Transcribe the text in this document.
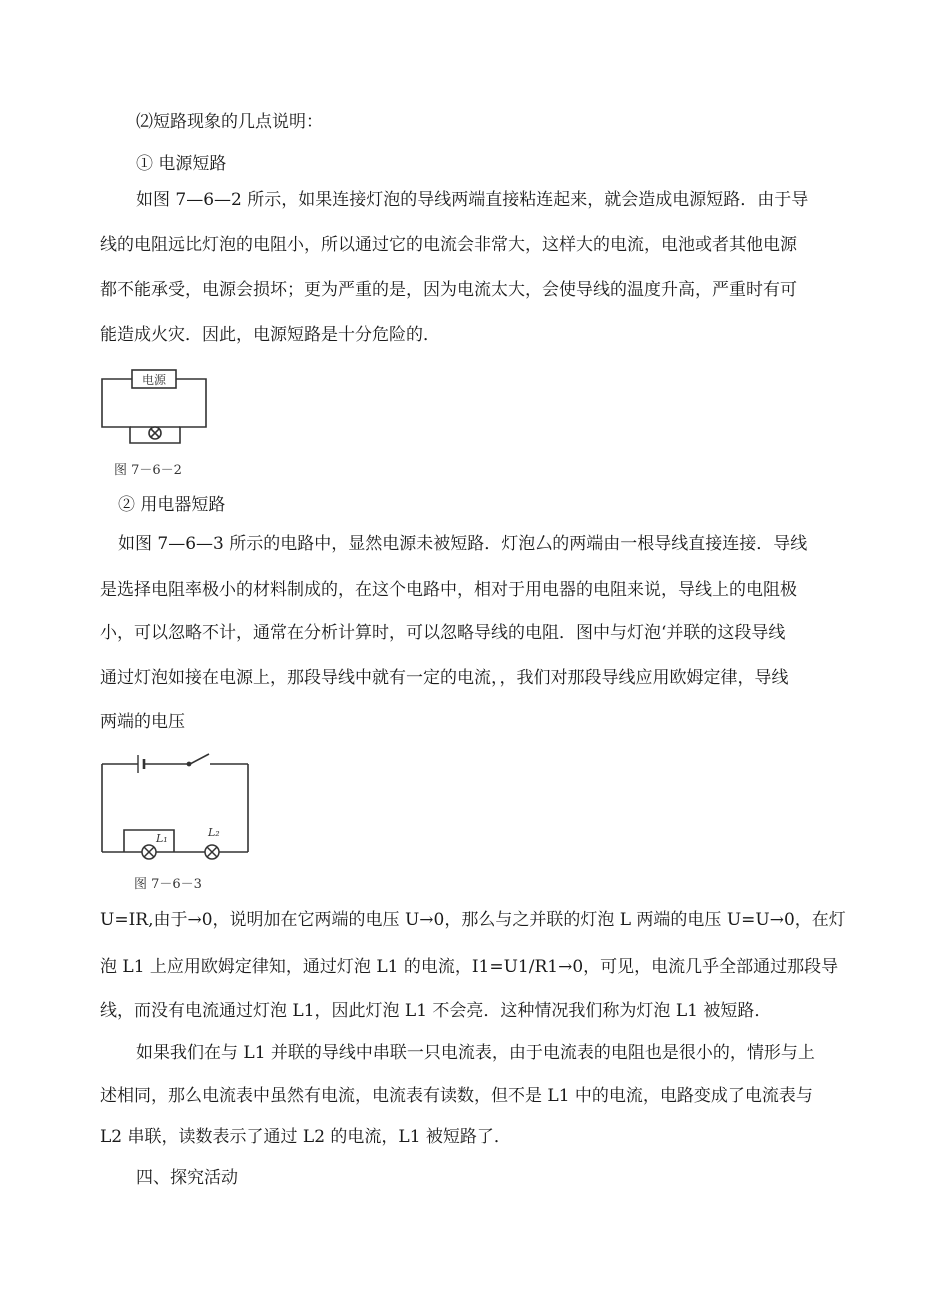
⑵短路现象的几点说明：
① 电源短路
如图 7—6—2 所示，如果连接灯泡的导线两端直接粘连起来，就会造成电源短路．由于导
线的电阻远比灯泡的电阻小，所以通过它的电流会非常大，这样大的电流，电池或者其他电源
都不能承受，电源会损坏；更为严重的是，因为电流太大，会使导线的温度升高，严重时有可
能造成火灾．因此，电源短路是十分危险的．
电源
图 7－6－2
② 用电器短路
如图 7—6—3 所示的电路中，显然电源未被短路．灯泡厶的两端由一根导线直接连接．导线
是选择电阻率极小的材料制成的，在这个电路中，相对于用电器的电阻来说，导线上的电阻极
小，可以忽略不计，通常在分析计算时，可以忽略导线的电阻．图中与灯泡‘并联的这段导线
通过灯泡如接在电源上，那段导线中就有一定的电流，，我们对那段导线应用欧姆定律，导线
两端的电压
L₁	L₂
图 7－6－3
U=IR,由于→0，说明加在它两端的电压 U→0，那么与之并联的灯泡 L 两端的电压 U=U→0，在灯
泡 L1 上应用欧姆定律知，通过灯泡 L1 的电流，I1=U1/R1→0，可见，电流几乎全部通过那段导
线，而没有电流通过灯泡 L1，因此灯泡 L1 不会亮．这种情况我们称为灯泡 L1 被短路．
如果我们在与 L1 并联的导线中串联一只电流表，由于电流表的电阻也是很小的，情形与上
述相同，那么电流表中虽然有电流，电流表有读数，但不是 L1 中的电流，电路变成了电流表与
L2 串联，读数表示了通过 L2 的电流，L1 被短路了．
四、探究活动
